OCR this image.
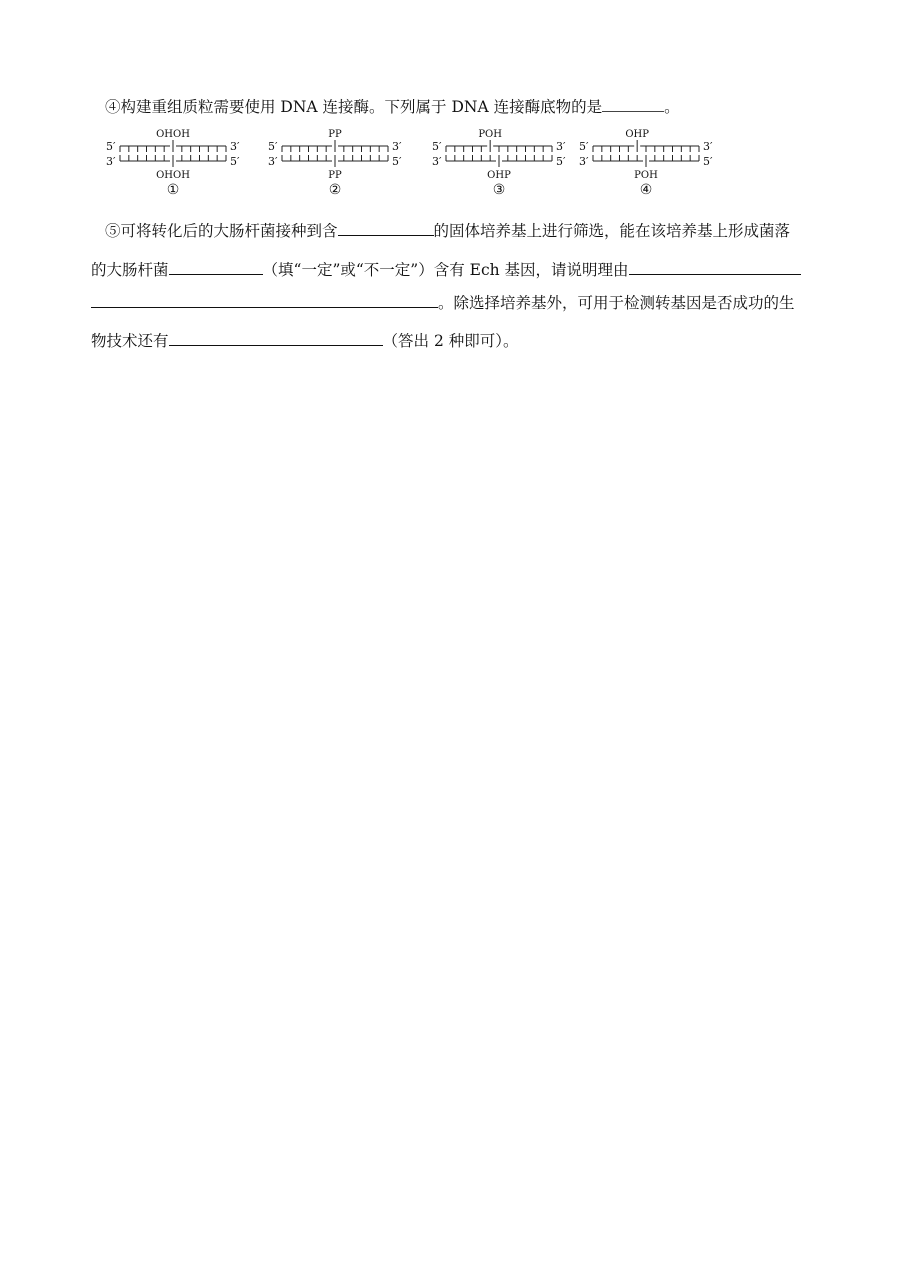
④构建重组质粒需要使用 DNA 连接酶。下列属于 DNA 连接酶底物的是	。
5′	3′
3′	5′
OHOH
OHOH
①
5′	3′
3′	5′
PP
PP
②
5′	3′
3′	5′
POH
OHP
③
5′	3′
3′	5′
OHP
POH
④
⑤可将转化后的大肠杆菌接种到含	的固体培养基上进行筛选，能在该培养基上形成菌落
的大肠杆菌	（填“一定”或“不一定”）含有 Ech 基因，请说明理由
。除选择培养基外，可用于检测转基因是否成功的生
物技术还有	（答出 2 种即可）。
